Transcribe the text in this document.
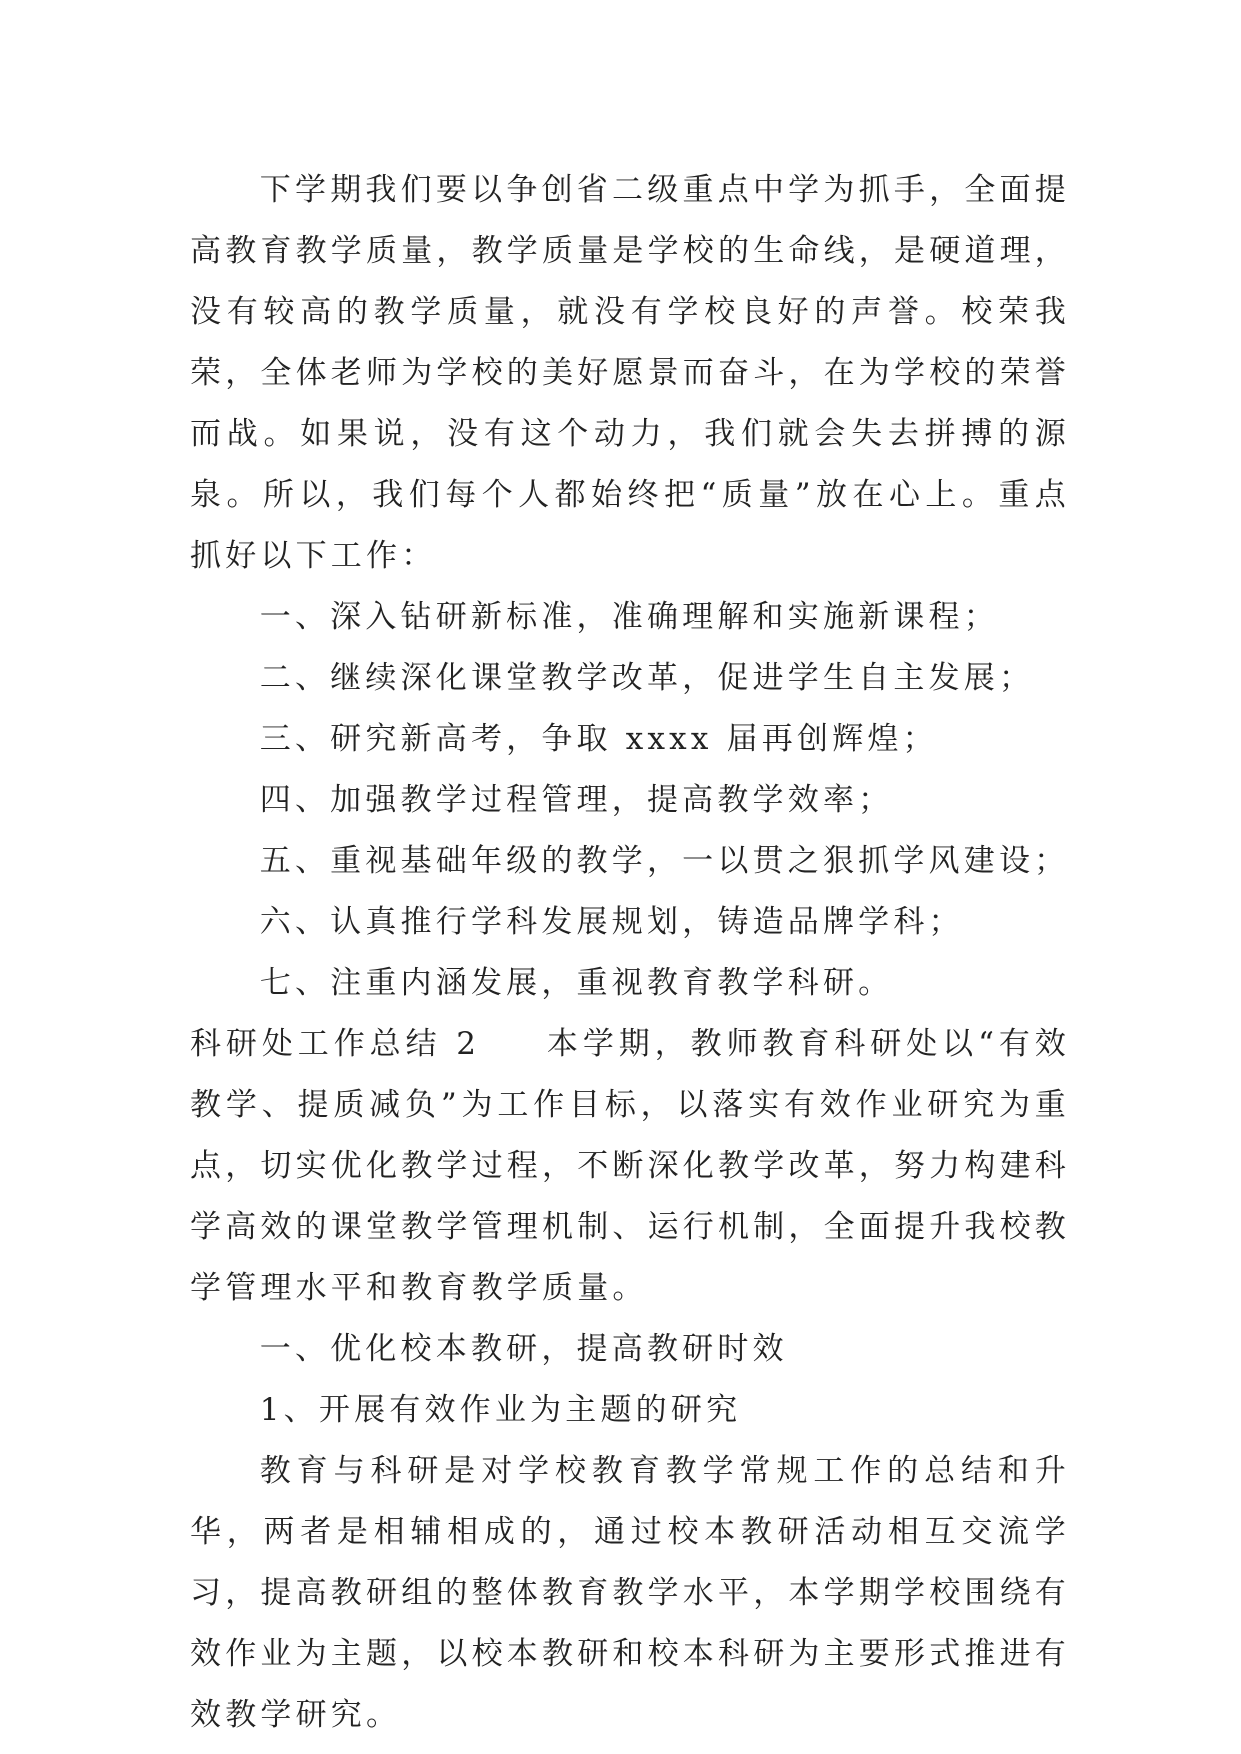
下学期我们要以争创省二级重点中学为抓手，全面提高教育教学质量，教学质量是学校的生命线，是硬道理，没有较高的教学质量，就没有学校良好的声誉。校荣我荣，全体老师为学校的美好愿景而奋斗，在为学校的荣誉而战。如果说，没有这个动力，我们就会失去拼搏的源泉。所以，我们每个人都始终把“质量”放在心上。重点抓好以下工作：

一、深入钻研新标准，准确理解和实施新课程；

二、继续深化课堂教学改革，促进学生自主发展；

三、研究新高考，争取 xxxx 届再创辉煌；

四、加强教学过程管理，提高教学效率；

五、重视基础年级的教学，一以贯之狠抓学风建设；

六、认真推行学科发展规划，铸造品牌学科；

七、注重内涵发展，重视教育教学科研。

科研处工作总结 2 本学期，教师教育科研处以“有效教学、提质减负”为工作目标，以落实有效作业研究为重点，切实优化教学过程，不断深化教学改革，努力构建科学高效的课堂教学管理机制、运行机制，全面提升我校教学管理水平和教育教学质量。

一、优化校本教研，提高教研时效

1、开展有效作业为主题的研究

教育与科研是对学校教育教学常规工作的总结和升华，两者是相辅相成的，通过校本教研活动相互交流学习，提高教研组的整体教育教学水平，本学期学校围绕有效作业为主题，以校本教研和校本科研为主要形式推进有效教学研究。
